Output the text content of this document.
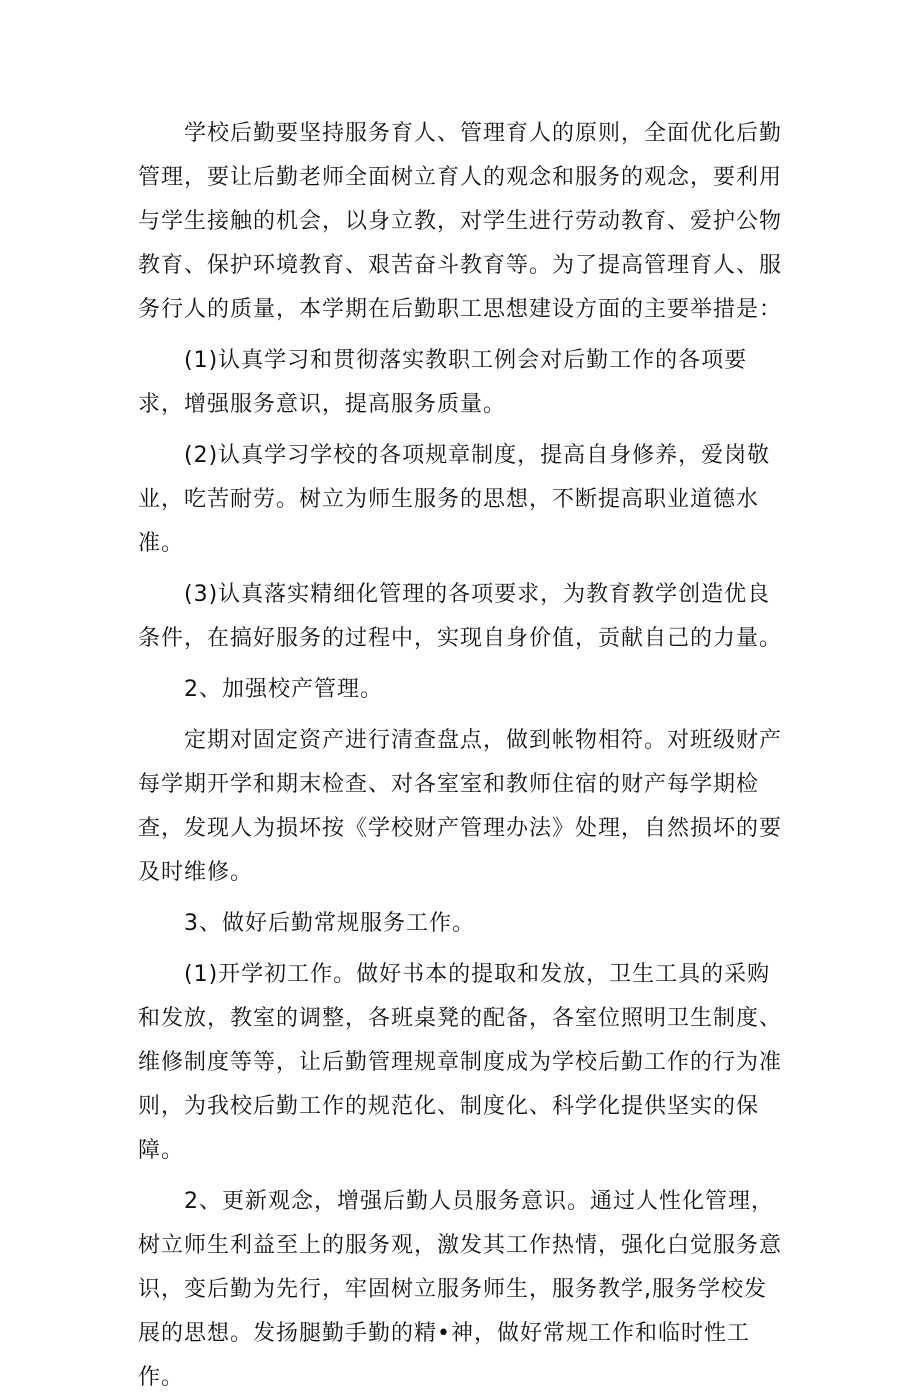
学校后勤要坚持服务育人、管理育人的原则，全面优化后勤管理，要让后勤老师全面树立育人的观念和服务的观念，要利用与学生接触的机会，以身立教，对学生进行劳动教育、爱护公物教育、保护环境教育、艰苦奋斗教育等。为了提高管理育人、服务行人的质量，本学期在后勤职工思想建设方面的主要举措是：

(1)认真学习和贯彻落实教职工例会对后勤工作的各项要求，增强服务意识，提高服务质量。

(2)认真学习学校的各项规章制度，提高自身修养，爱岗敬业，吃苦耐劳。树立为师生服务的思想，不断提高职业道德水准。

(3)认真落实精细化管理的各项要求，为教育教学创造优良条件，在搞好服务的过程中，实现自身价值，贡献自己的力量。

2、加强校产管理。

定期对固定资产进行清查盘点，做到帐物相符。对班级财产每学期开学和期末检查、对各室室和教师住宿的财产每学期检查，发现人为损坏按《学校财产管理办法》处理，自然损坏的要及时维修。

3、做好后勤常规服务工作。

(1)开学初工作。做好书本的提取和发放，卫生工具的采购和发放，教室的调整，各班桌凳的配备，各室位照明卫生制度、维修制度等等，让后勤管理规章制度成为学校后勤工作的行为准则，为我校后勤工作的规范化、制度化、科学化提供坚实的保障。

2、更新观念，增强后勤人员服务意识。通过人性化管理，树立师生利益至上的服务观，激发其工作热情，强化白觉服务意识，变后勤为先行，牢固树立服务师生，服务教学,服务学校发展的思想。发扬腿勤手勤的精•神，做好常规工作和临时性工作。
